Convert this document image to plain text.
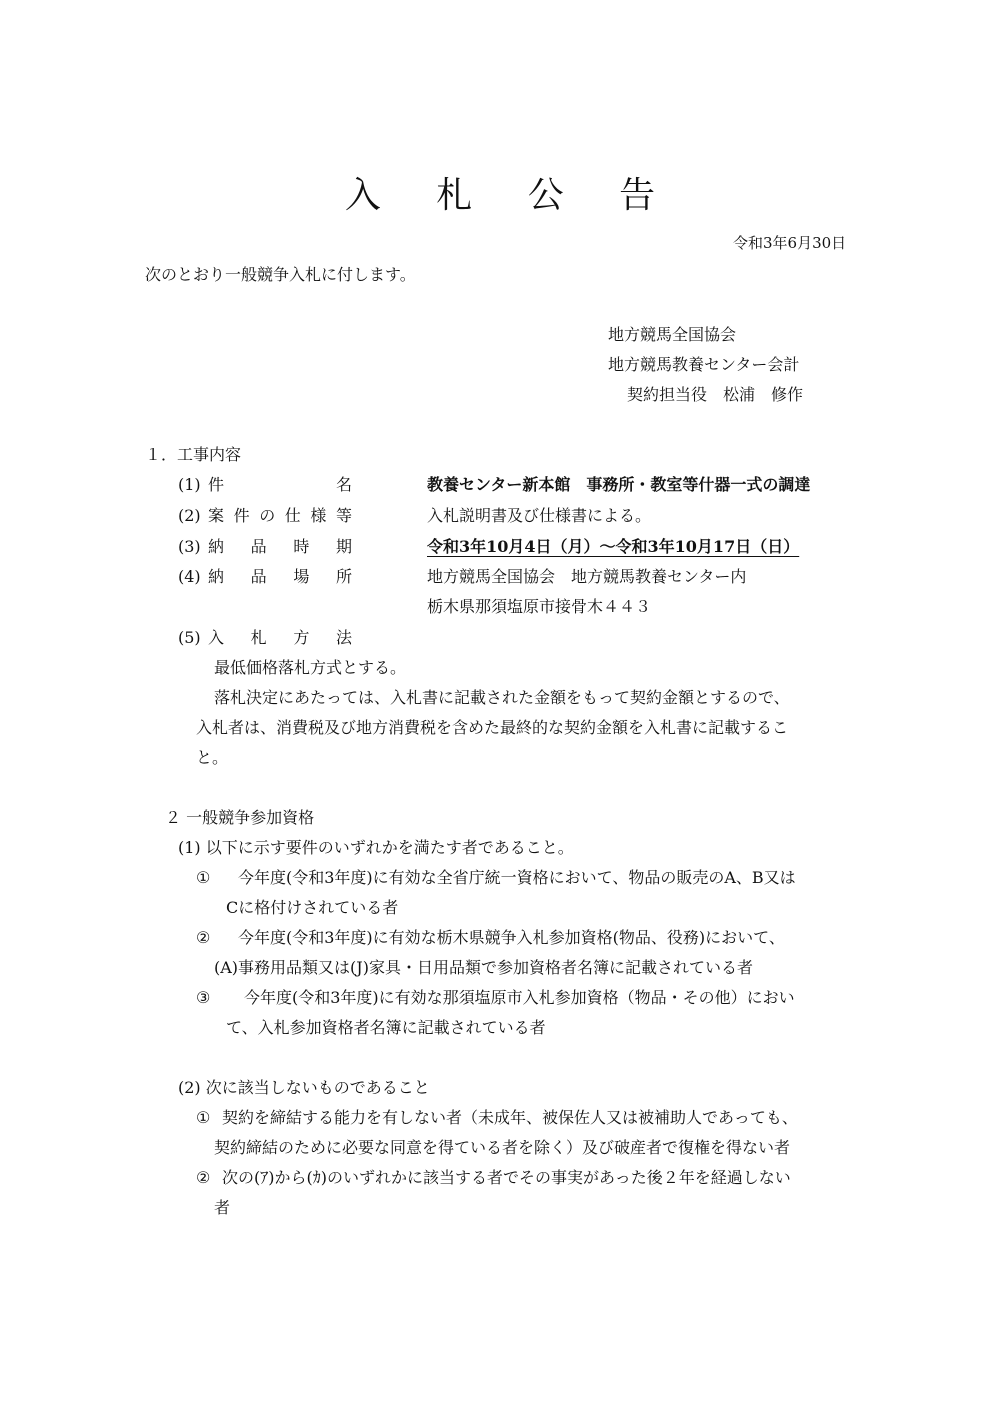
入 札 公 告
令和3年6月30日
次のとおり一般競争入札に付します。
地方競馬全国協会
地方競馬教養センター会計
契約担当役　松浦　修作
１．工事内容
(1) 件	名	教養センター新本館　事務所・教室等什器一式の調達
(2) 案 件 の 仕 様 等	入札説明書及び仕様書による。
(3) 納 品 時 期	令和3年10月4日（月）～令和3年10月17日（日）
(4) 納 品 場 所	地方競馬全国協会　地方競馬教養センター内
栃木県那須塩原市接骨木４４３
(5) 入 札 方 法
最低価格落札方式とする。
落札決定にあたっては、入札書に記載された金額をもって契約金額とするので、
入札者は、消費税及び地方消費税を含めた最終的な契約金額を入札書に記載するこ
と。
２ 一般競争参加資格
(1) 以下に示す要件のいずれかを満たす者であること。
① 今年度(令和3年度)に有効な全省庁統一資格において、物品の販売のA、B又は
Cに格付けされている者
② 今年度(令和3年度)に有効な栃木県競争入札参加資格(物品、役務)において、
(A)事務用品類又は(J)家具・日用品類で参加資格者名簿に記載されている者
③ 今年度(令和3年度)に有効な那須塩原市入札参加資格（物品・その他）におい
て、入札参加資格者名簿に記載されている者
(2) 次に該当しないものであること
① 契約を締結する能力を有しない者（未成年、被保佐人又は被補助人であっても、
契約締結のために必要な同意を得ている者を除く）及び破産者で復権を得ない者
② 次の(ｱ)から(ｶ)のいずれかに該当する者でその事実があった後２年を経過しない
者
